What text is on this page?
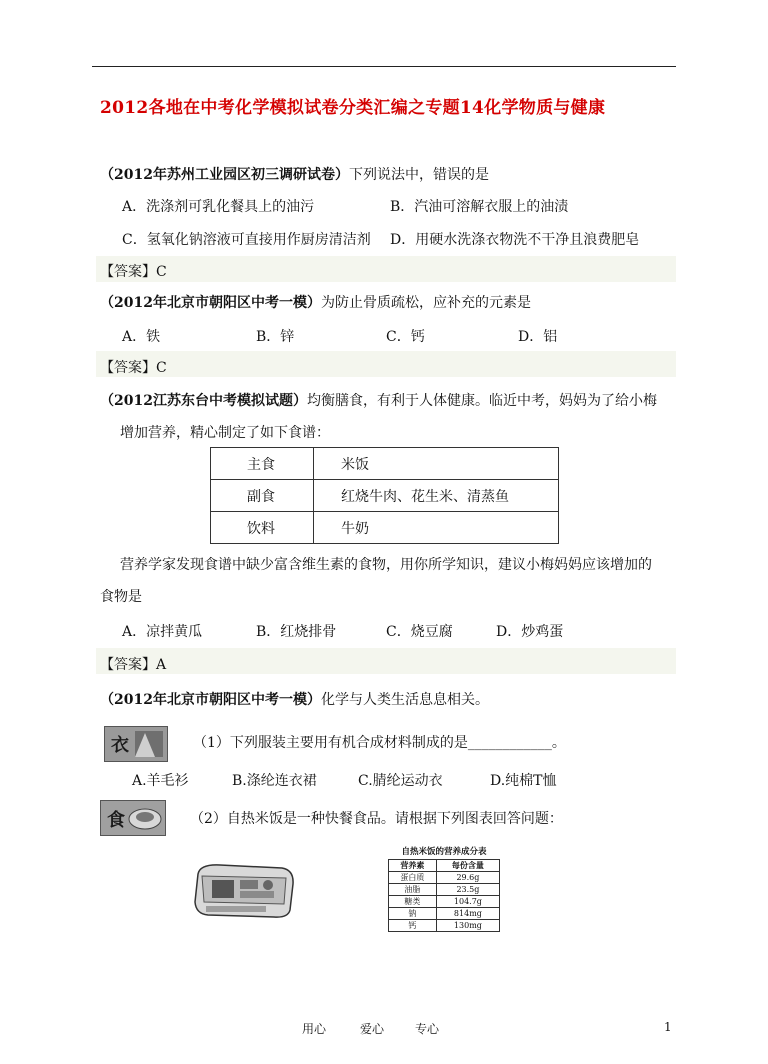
2012各地在中考化学模拟试卷分类汇编之专题14化学物质与健康
（2012年苏州工业园区初三调研试卷）下列说法中，错误的是
A．洗涤剂可乳化餐具上的油污	B．汽油可溶解衣服上的油渍
C．氢氧化钠溶液可直接用作厨房清洁剂 D．用硬水洗涤衣物洗不干净且浪费肥皂
【答案】C
（2012年北京市朝阳区中考一模）为防止骨质疏松，应补充的元素是
A．铁	B．锌	C．钙	D．铝
【答案】C
（2012江苏东台中考模拟试题）均衡膳食，有利于人体健康。临近中考，妈妈为了给小梅
增加营养，精心制定了如下食谱：
主食	米饭
副食	红烧牛肉、花生米、清蒸鱼
饮料	牛奶
营养学家发现食谱中缺少富含维生素的食物，用你所学知识，建议小梅妈妈应该增加的
食物是
A．凉拌黄瓜	B．红烧排骨	C．烧豆腐	D．炒鸡蛋
【答案】A
（2012年北京市朝阳区中考一模）化学与人类生活息息相关。
衣	（1）下列服装主要用有机合成材料制成的是____________。
A.羊毛衫	B.涤纶连衣裙	C.腈纶运动衣	D.纯棉T恤
食	（2）自热米饭是一种快餐食品。请根据下列图表回答问题：
自热米饭的营养成分表
营养素	每份含量
蛋白质	29.6g
油脂	23.5g
糖类	104.7g
钠	814mg
钙	130mg
用心	爱心	专心	1
